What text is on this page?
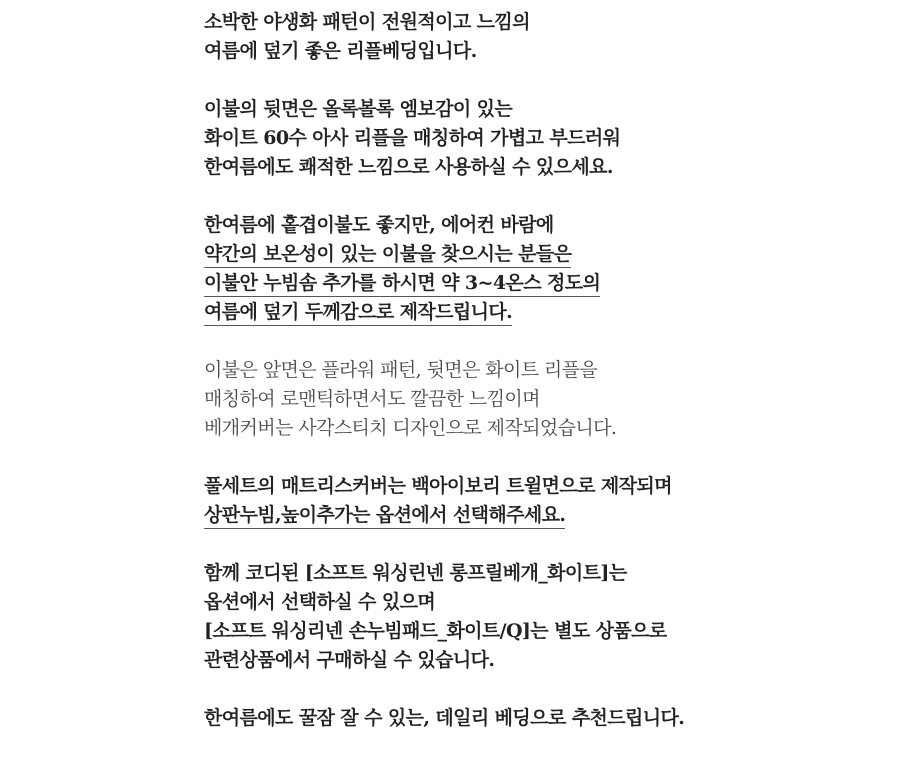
소박한 야생화 패턴이 전원적이고 느낌의
여름에 덮기 좋은 리플베딩입니다.
이불의 뒷면은 올록볼록 엠보감이 있는
화이트 60수 아사 리플을 매칭하여 가볍고 부드러워
한여름에도 쾌적한 느낌으로 사용하실 수 있으세요.
한여름에 홑겹이불도 좋지만, 에어컨 바람에
약간의 보온성이 있는 이불을 찾으시는 분들은
이불안 누빔솜 추가를 하시면 약 3~4온스 정도의
여름에 덮기 두께감으로 제작드립니다.
이불은 앞면은 플라워 패턴, 뒷면은 화이트 리플을
매칭하여 로맨틱하면서도 깔끔한 느낌이며
베개커버는 사각스티치 디자인으로 제작되었습니다.
풀세트의 매트리스커버는 백아이보리 트윌면으로 제작되며
상판누빔,높이추가는 옵션에서 선택해주세요.
함께 코디된 [소프트 워싱린넨 롱프릴베개_화이트]는
옵션에서 선택하실 수 있으며
[소프트 워싱리넨 손누빔패드_화이트/Q]는 별도 상품으로
관련상품에서 구매하실 수 있습니다.
한여름에도 꿀잠 잘 수 있는, 데일리 베딩으로 추천드립니다.
